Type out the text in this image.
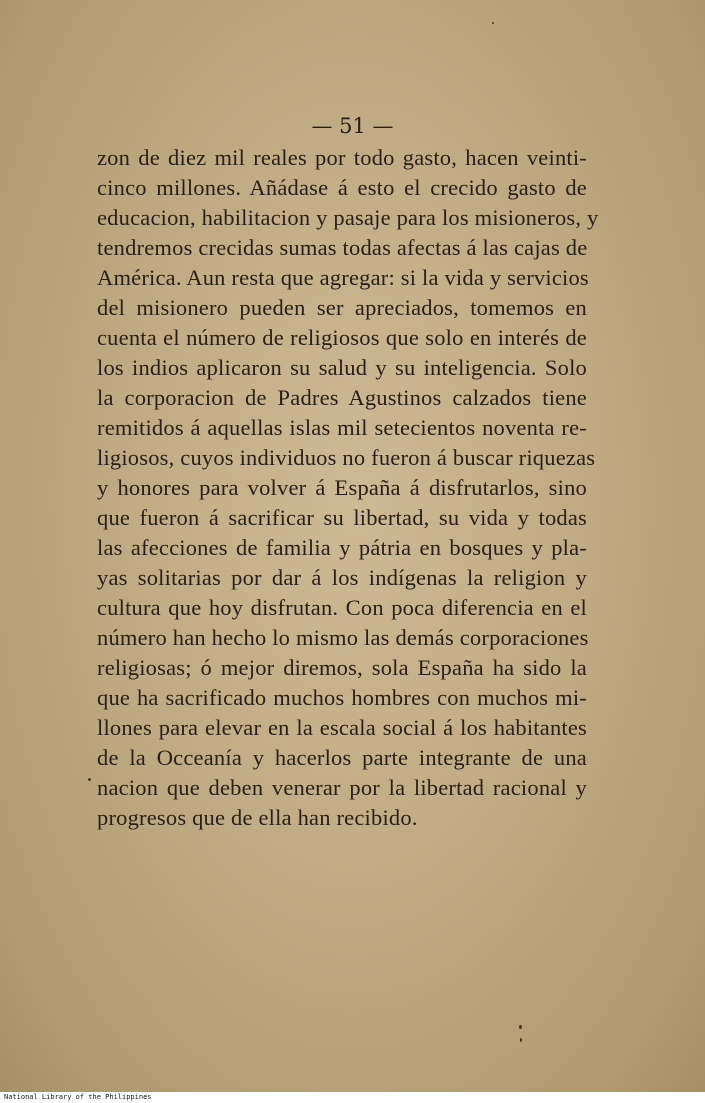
— 51 —
zon de diez mil reales por todo gasto, hacen veinti-
cinco millones. Añádase á esto el crecido gasto de
educacion, habilitacion y pasaje para los misioneros, y
tendremos crecidas sumas todas afectas á las cajas de
América. Aun resta que agregar: si la vida y servicios
del misionero pueden ser apreciados, tomemos en
cuenta el número de religiosos que solo en interés de
los indios aplicaron su salud y su inteligencia. Solo
la corporacion de Padres Agustinos calzados tiene
remitidos á aquellas islas mil setecientos noventa re-
ligiosos, cuyos individuos no fueron á buscar riquezas
y honores para volver á España á disfrutarlos, sino
que fueron á sacrificar su libertad, su vida y todas
las afecciones de familia y pátria en bosques y pla-
yas solitarias por dar á los indígenas la religion y
cultura que hoy disfrutan. Con poca diferencia en el
número han hecho lo mismo las demás corporaciones
religiosas; ó mejor diremos, sola España ha sido la
que ha sacrificado muchos hombres con muchos mi-
llones para elevar en la escala social á los habitantes
de la Occeanía y hacerlos parte integrante de una
nacion que deben venerar por la libertad racional y
progresos que de ella han recibido.
National Library of the Philippines
